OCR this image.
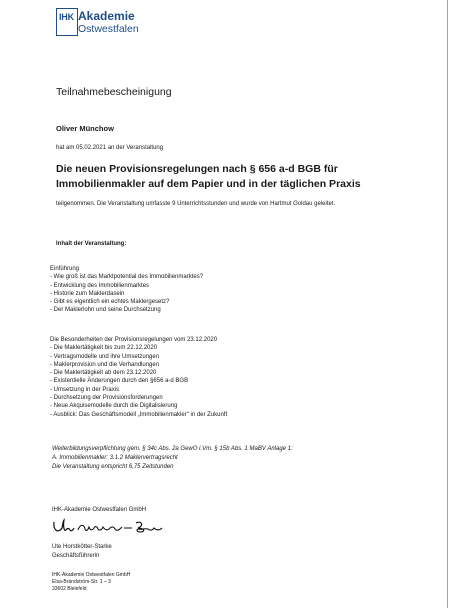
IHK Akademie
Ostwestfalen
Teilnahmebescheinigung
Oliver Münchow
hat am 05.02.2021 an der Veranstaltung
Die neuen Provisionsregelungen nach § 656 a-d BGB für
Immobilienmakler auf dem Papier und in der täglichen Praxis
teilgenommen. Die Veranstaltung umfasste 9 Unterrichtsstunden und wurde von Hartmut Goldau geleitet.
Inhalt der Veranstaltung:
Einführung
- Wie groß ist das Marktpotential des Immobilienmarktes?
- Entwicklung des Immobilienmarktes
- Historie zum Maklerdasein
- Gibt es eigentlich ein echtes Maklergesetz?
- Der Maklerlohn und seine Durchsetzung
Die Besonderheiten der Provisionsregelungen vom 23.12.2020
- Die Maklertätigkeit bis zum 22.12.2020
- Vertragsmodelle und ihre Umsetzungen
- Maklerprovision und die Verhandlungen
- Die Maklertätigkeit ab dem 23.12.2020
- Existentielle Änderungen durch den §656 a-d BGB
- Umsetzung in der Praxis
- Durchsetzung der Provisionsforderungen
- Neue Akquisemodelle durch die Digitalisierung
- Ausblick: Das Geschäftsmodell „Immobilienmakler" in der Zukunft
Weiterbildungsverpflichtung gem. § 34c Abs. 2a GewO i.Vm. § 15b Abs. 1 MaBV Anlage 1:
A. Immobilienmakler: 3.1.2 Maklervertragsrecht
Die Veranstaltung entspricht 6,75 Zeitstunden
IHK-Akademie Ostwestfalen GmbH
Ute Horstkötter-Starke
Geschäftsführerin
IHK-Akademie Ostwestfalen GmbH
Elsa-Brändström-Str. 1 – 3
33602 Bielefeld
